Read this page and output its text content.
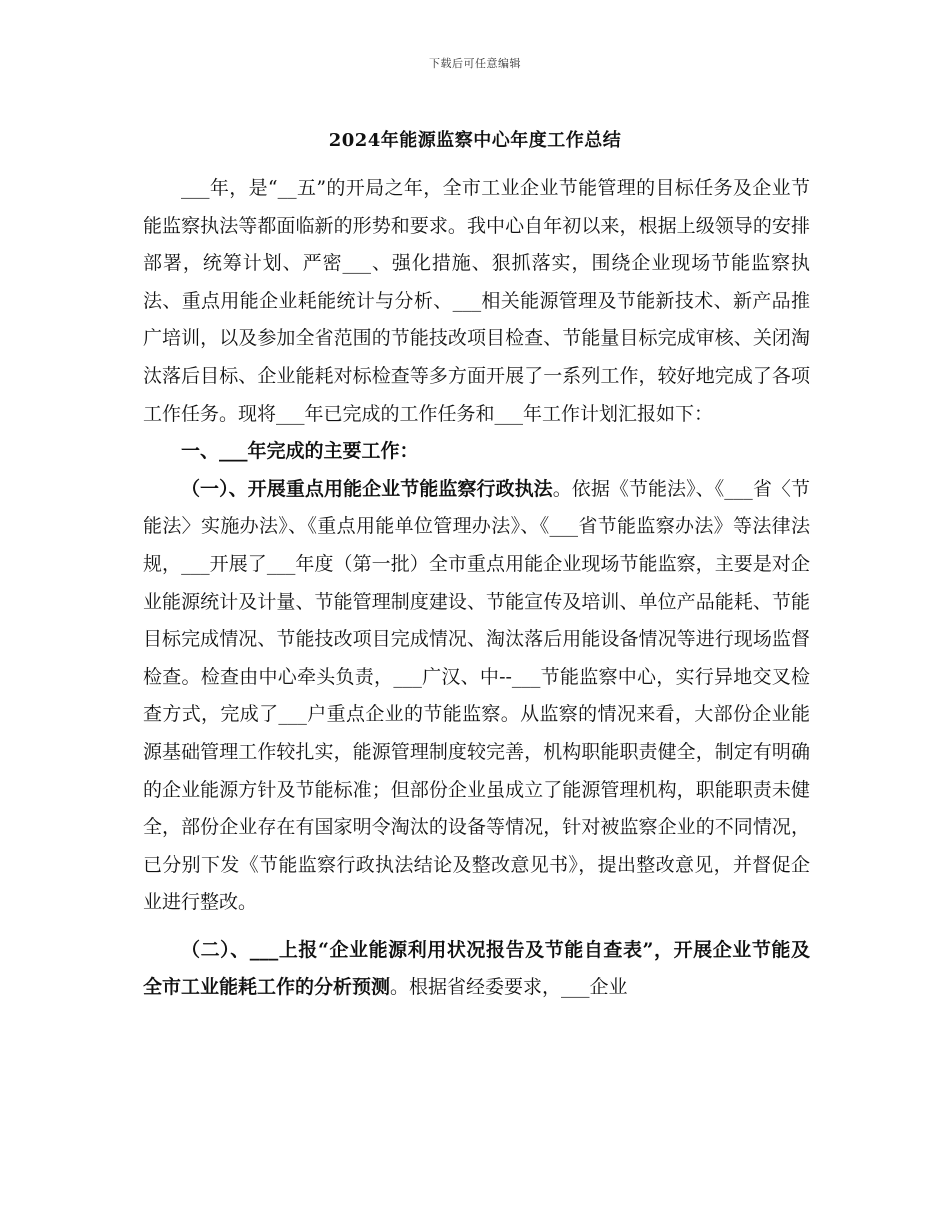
下载后可任意编辑
2024年能源监察中心年度工作总结

___年，是“__五”的开局之年，全市工业企业节能管理的目标任务及企业节能监察执法等都面临新的形势和要求。我中心自年初以来，根据上级领导的安排部署，统筹计划、严密___、强化措施、狠抓落实，围绕企业现场节能监察执法、重点用能企业耗能统计与分析、___相关能源管理及节能新技术、新产品推广培训，以及参加全省范围的节能技改项目检查、节能量目标完成审核、关闭淘汰落后目标、企业能耗对标检查等多方面开展了一系列工作，较好地完成了各项工作任务。现将___年已完成的工作任务和___年工作计划汇报如下：

一、___年完成的主要工作：

（一）、开展重点用能企业节能监察行政执法。依据《节能法》、《___省〈节能法〉实施办法》、《重点用能单位管理办法》、《___省节能监察办法》等法律法规，___开展了___年度（第一批）全市重点用能企业现场节能监察，主要是对企业能源统计及计量、节能管理制度建设、节能宣传及培训、单位产品能耗、节能目标完成情况、节能技改项目完成情况、淘汰落后用能设备情况等进行现场监督检查。检查由中心牵头负责，___广汉、中--___节能监察中心，实行异地交叉检查方式，完成了___户重点企业的节能监察。从监察的情况来看，大部份企业能源基础管理工作较扎实，能源管理制度较完善，机构职能职责健全，制定有明确的企业能源方针及节能标准；但部份企业虽成立了能源管理机构，职能职责未健全，部份企业存在有国家明令淘汰的设备等情况，针对被监察企业的不同情况，已分别下发《节能监察行政执法结论及整改意见书》，提出整改意见，并督促企业进行整改。

（二）、___上报“企业能源利用状况报告及节能自查表”，开展企业节能及全市工业能耗工作的分析预测。根据省经委要求，___企业
